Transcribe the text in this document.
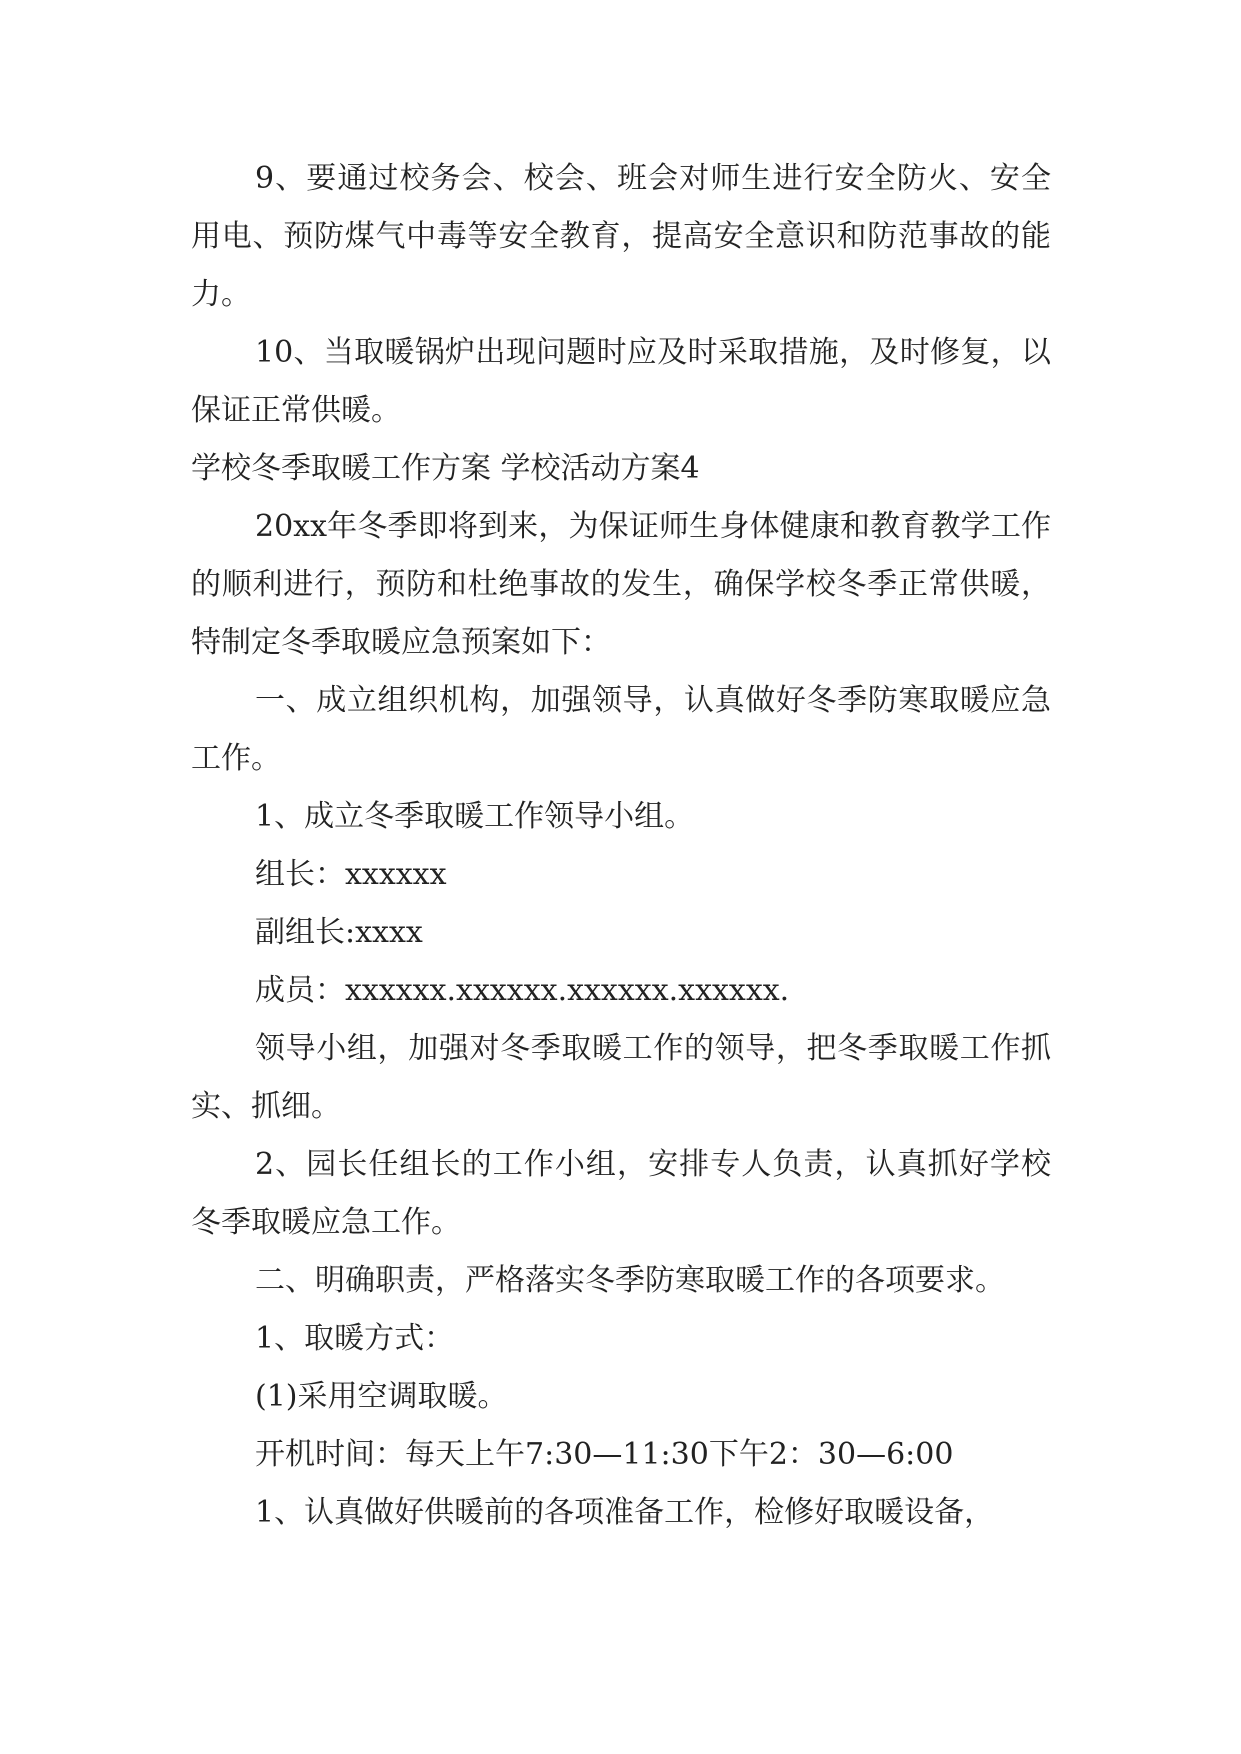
9、要通过校务会、校会、班会对师生进行安全防火、安全用电、预防煤气中毒等安全教育，提高安全意识和防范事故的能力。

10、当取暖锅炉出现问题时应及时采取措施，及时修复，以保证正常供暖。

学校冬季取暖工作方案 学校活动方案4

20xx年冬季即将到来，为保证师生身体健康和教育教学工作的顺利进行，预防和杜绝事故的发生，确保学校冬季正常供暖，特制定冬季取暖应急预案如下：

一、成立组织机构，加强领导，认真做好冬季防寒取暖应急工作。

1、成立冬季取暖工作领导小组。

组长：xxxxxx

副组长:xxxx

成员：xxxxxx.xxxxxx.xxxxxx.xxxxxx.

领导小组，加强对冬季取暖工作的领导，把冬季取暖工作抓实、抓细。

2、园长任组长的工作小组，安排专人负责，认真抓好学校冬季取暖应急工作。

二、明确职责，严格落实冬季防寒取暖工作的各项要求。

1、取暖方式：

(1)采用空调取暖。

开机时间：每天上午7:30—11:30下午2：30—6:00

1、认真做好供暖前的各项准备工作，检修好取暖设备，
